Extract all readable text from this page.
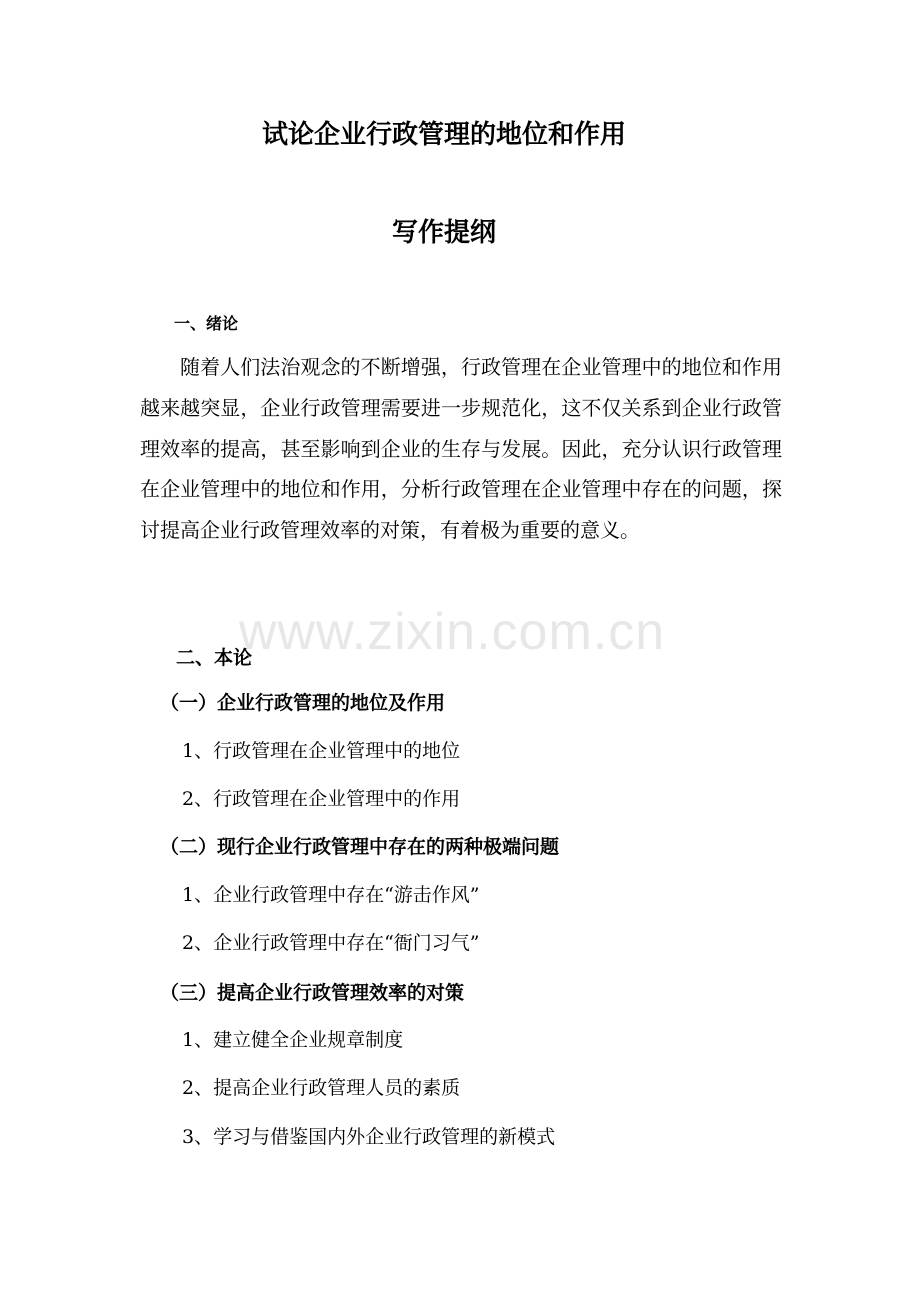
试论企业行政管理的地位和作用
写作提纲
一、绪论

随着人们法治观念的不断增强，行政管理在企业管理中的地位和作用越来越突显，企业行政管理需要进一步规范化，这不仅关系到企业行政管理效率的提高，甚至影响到企业的生存与发展。因此，充分认识行政管理在企业管理中的地位和作用，分析行政管理在企业管理中存在的问题，探讨提高企业行政管理效率的对策，有着极为重要的意义。

www.zixin.com.cn
二、本论
（一）企业行政管理的地位及作用
1、行政管理在企业管理中的地位
2、行政管理在企业管理中的作用
（二）现行企业行政管理中存在的两种极端问题
1、企业行政管理中存在“游击作风”
2、企业行政管理中存在“衙门习气”
（三）提高企业行政管理效率的对策
1、建立健全企业规章制度
2、提高企业行政管理人员的素质
3、学习与借鉴国内外企业行政管理的新模式
